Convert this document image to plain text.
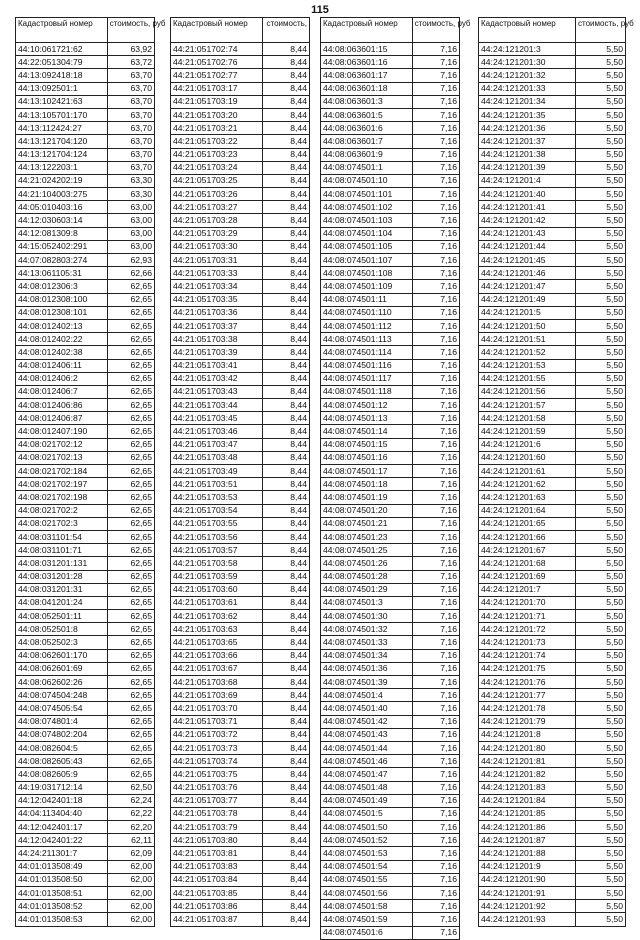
115
Кадастровый номер	стоимость, руб
44:10:061721:62	63,92
44:22:051304:79	63,72
44:13:092418:18	63,70
44:13:092501:1	63,70
44:13:102421:63	63,70
44:13:105701:170	63,70
44:13:112424:27	63,70
44:13:121704:120	63,70
44:13:121704:124	63,70
44:13:122203:1	63,70
44:21:024202:19	63,30
44:21:104003:275	63,30
44:05:010403:16	63,00
44:12:030603:14	63,00
44:12:081309:8	63,00
44:15:052402:291	63,00
44:07:082803:274	62,93
44:13:061105:31	62,66
44:08:012306:3	62,65
44:08:012308:100	62,65
44:08:012308:101	62,65
44:08:012402:13	62,65
44:08:012402:22	62,65
44:08:012402:38	62,65
44:08:012406:11	62,65
44:08:012406:2	62,65
44:08:012406:7	62,65
44:08:012406:86	62,65
44:08:012406:87	62,65
44:08:012407:190	62,65
44:08:021702:12	62,65
44:08:021702:13	62,65
44:08:021702:184	62,65
44:08:021702:197	62,65
44:08:021702:198	62,65
44:08:021702:2	62,65
44:08:021702:3	62,65
44:08:031101:54	62,65
44:08:031101:71	62,65
44:08:031201:131	62,65
44:08:031201:28	62,65
44:08:031201:31	62,65
44:08:041201:24	62,65
44:08:052501:11	62,65
44:08:052501:8	62,65
44:08:052502:3	62,65
44:08:062601:170	62,65
44:08:062601:69	62,65
44:08:062602:26	62,65
44:08:074504:248	62,65
44:08:074505:54	62,65
44:08:074801:4	62,65
44:08:074802:204	62,65
44:08:082604:5	62,65
44:08:082605:43	62,65
44:08:082605:9	62,65
44:19:031712:14	62,50
44:12:042401:18	62,24
44:04:113404:40	62,22
44:12:042401:17	62,20
44:12:042401:22	62,11
44:24:211301:7	62,09
44:01:013508:49	62,00
44:01:013508:50	62,00
44:01:013508:51	62,00
44:01:013508:52	62,00
44:01:013508:53	62,00
Кадастровый номер	стоимость,
44:21:051702:74	8,44
44:21:051702:76	8,44
44:21:051702:77	8,44
44:21:051703:17	8,44
44:21:051703:19	8,44
44:21:051703:20	8,44
44:21:051703:21	8,44
44:21:051703:22	8,44
44:21:051703:23	8,44
44:21:051703:24	8,44
44:21:051703:25	8,44
44:21:051703:26	8,44
44:21:051703:27	8,44
44:21:051703:28	8,44
44:21:051703:29	8,44
44:21:051703:30	8,44
44:21:051703:31	8,44
44:21:051703:33	8,44
44:21:051703:34	8,44
44:21:051703:35	8,44
44:21:051703:36	8,44
44:21:051703:37	8,44
44:21:051703:38	8,44
44:21:051703:39	8,44
44:21:051703:41	8,44
44:21:051703:42	8,44
44:21:051703:43	8,44
44:21:051703:44	8,44
44:21:051703:45	8,44
44:21:051703:46	8,44
44:21:051703:47	8,44
44:21:051703:48	8,44
44:21:051703:49	8,44
44:21:051703:51	8,44
44:21:051703:53	8,44
44:21:051703:54	8,44
44:21:051703:55	8,44
44:21:051703:56	8,44
44:21:051703:57	8,44
44:21:051703:58	8,44
44:21:051703:59	8,44
44:21:051703:60	8,44
44:21:051703:61	8,44
44:21:051703:62	8,44
44:21:051703:63	8,44
44:21:051703:65	8,44
44:21:051703:66	8,44
44:21:051703:67	8,44
44:21:051703:68	8,44
44:21:051703:69	8,44
44:21:051703:70	8,44
44:21:051703:71	8,44
44:21:051703:72	8,44
44:21:051703:73	8,44
44:21:051703:74	8,44
44:21:051703:75	8,44
44:21:051703:76	8,44
44:21:051703:77	8,44
44:21:051703:78	8,44
44:21:051703:79	8,44
44:21:051703:80	8,44
44:21:051703:81	8,44
44:21:051703:83	8,44
44:21:051703:84	8,44
44:21:051703:85	8,44
44:21:051703:86	8,44
44:21:051703:87	8,44
Кадастровый номер	стоимость, руб
44:08:063601:15	7,16
44:08:063601:16	7,16
44:08:063601:17	7,16
44:08:063601:18	7,16
44:08:063601:3	7,16
44:08:063601:5	7,16
44:08:063601:6	7,16
44:08:063601:7	7,16
44:08:063601:9	7,16
44:08:074501:1	7,16
44:08:074501:10	7,16
44:08:074501:101	7,16
44:08:074501:102	7,16
44:08:074501:103	7,16
44:08:074501:104	7,16
44:08:074501:105	7,16
44:08:074501:107	7,16
44:08:074501:108	7,16
44:08:074501:109	7,16
44:08:074501:11	7,16
44:08:074501:110	7,16
44:08:074501:112	7,16
44:08:074501:113	7,16
44:08:074501:114	7,16
44:08:074501:116	7,16
44:08:074501:117	7,16
44:08:074501:118	7,16
44:08:074501:12	7,16
44:08:074501:13	7,16
44:08:074501:14	7,16
44:08:074501:15	7,16
44:08:074501:16	7,16
44:08:074501:17	7,16
44:08:074501:18	7,16
44:08:074501:19	7,16
44:08:074501:20	7,16
44:08:074501:21	7,16
44:08:074501:23	7,16
44:08:074501:25	7,16
44:08:074501:26	7,16
44:08:074501:28	7,16
44:08:074501:29	7,16
44:08:074501:3	7,16
44:08:074501:30	7,16
44:08:074501:32	7,16
44:08:074501:33	7,16
44:08:074501:34	7,16
44:08:074501:36	7,16
44:08:074501:39	7,16
44:08:074501:4	7,16
44:08:074501:40	7,16
44:08:074501:42	7,16
44:08:074501:43	7,16
44:08:074501:44	7,16
44:08:074501:46	7,16
44:08:074501:47	7,16
44:08:074501:48	7,16
44:08:074501:49	7,16
44:08:074501:5	7,16
44:08:074501:50	7,16
44:08:074501:52	7,16
44:08:074501:53	7,16
44:08:074501:54	7,16
44:08:074501:55	7,16
44:08:074501:56	7,16
44:08:074501:58	7,16
44:08:074501:59	7,16
44:08:074501:6	7,16
Кадастровый номер	стоимость, руб
44:24:121201:3	5,50
44:24:121201:30	5,50
44:24:121201:32	5,50
44:24:121201:33	5,50
44:24:121201:34	5,50
44:24:121201:35	5,50
44:24:121201:36	5,50
44:24:121201:37	5,50
44:24:121201:38	5,50
44:24:121201:39	5,50
44:24:121201:4	5,50
44:24:121201:40	5,50
44:24:121201:41	5,50
44:24:121201:42	5,50
44:24:121201:43	5,50
44:24:121201:44	5,50
44:24:121201:45	5,50
44:24:121201:46	5,50
44:24:121201:47	5,50
44:24:121201:49	5,50
44:24:121201:5	5,50
44:24:121201:50	5,50
44:24:121201:51	5,50
44:24:121201:52	5,50
44:24:121201:53	5,50
44:24:121201:55	5,50
44:24:121201:56	5,50
44:24:121201:57	5,50
44:24:121201:58	5,50
44:24:121201:59	5,50
44:24:121201:6	5,50
44:24:121201:60	5,50
44:24:121201:61	5,50
44:24:121201:62	5,50
44:24:121201:63	5,50
44:24:121201:64	5,50
44:24:121201:65	5,50
44:24:121201:66	5,50
44:24:121201:67	5,50
44:24:121201:68	5,50
44:24:121201:69	5,50
44:24:121201:7	5,50
44:24:121201:70	5,50
44:24:121201:71	5,50
44:24:121201:72	5,50
44:24:121201:73	5,50
44:24:121201:74	5,50
44:24:121201:75	5,50
44:24:121201:76	5,50
44:24:121201:77	5,50
44:24:121201:78	5,50
44:24:121201:79	5,50
44:24:121201:8	5,50
44:24:121201:80	5,50
44:24:121201:81	5,50
44:24:121201:82	5,50
44:24:121201:83	5,50
44:24:121201:84	5,50
44:24:121201:85	5,50
44:24:121201:86	5,50
44:24:121201:87	5,50
44:24:121201:88	5,50
44:24:121201:9	5,50
44:24:121201:90	5,50
44:24:121201:91	5,50
44:24:121201:92	5,50
44:24:121201:93	5,50
